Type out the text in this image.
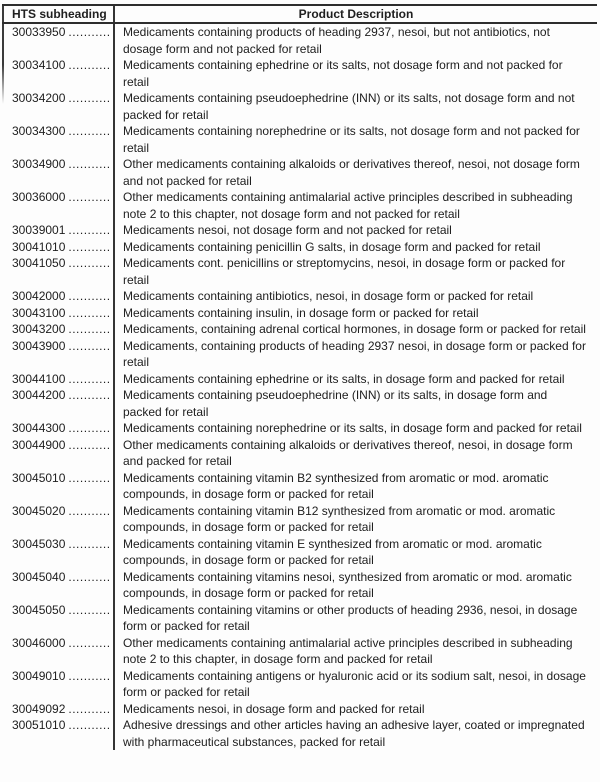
HTS subheading	Product Description
30033950 ...........	Medicaments containing products of heading 2937, nesoi, but not antibiotics, not dosage form and not packed for retail
30034100 ...........	Medicaments containing ephedrine or its salts, not dosage form and not packed for retail
30034200 ...........	Medicaments containing pseudoephedrine (INN) or its salts, not dosage form and not packed for retail
30034300 ...........	Medicaments containing norephedrine or its salts, not dosage form and not packed for retail
30034900 ...........	Other medicaments containing alkaloids or derivatives thereof, nesoi, not dosage form and not packed for retail
30036000 ...........	Other medicaments containing antimalarial active principles described in subheading note 2 to this chapter, not dosage form and not packed for retail
30039001 ...........	Medicaments nesoi, not dosage form and not packed for retail
30041010 ...........	Medicaments containing penicillin G salts, in dosage form and packed for retail
30041050 ...........	Medicaments cont. penicillins or streptomycins, nesoi, in dosage form or packed for retail
30042000 ...........	Medicaments containing antibiotics, nesoi, in dosage form or packed for retail
30043100 ...........	Medicaments containing insulin, in dosage form or packed for retail
30043200 ...........	Medicaments, containing adrenal cortical hormones, in dosage form or packed for retail
30043900 ...........	Medicaments, containing products of heading 2937 nesoi, in dosage form or packed for retail
30044100 ...........	Medicaments containing ephedrine or its salts, in dosage form and packed for retail
30044200 ...........	Medicaments containing pseudoephedrine (INN) or its salts, in dosage form and packed for retail
30044300 ...........	Medicaments containing norephedrine or its salts, in dosage form and packed for retail
30044900 ...........	Other medicaments containing alkaloids or derivatives thereof, nesoi, in dosage form and packed for retail
30045010 ...........	Medicaments containing vitamin B2 synthesized from aromatic or mod. aromatic compounds, in dosage form or packed for retail
30045020 ...........	Medicaments containing vitamin B12 synthesized from aromatic or mod. aromatic compounds, in dosage form or packed for retail
30045030 ...........	Medicaments containing vitamin E synthesized from aromatic or mod. aromatic compounds, in dosage form or packed for retail
30045040 ...........	Medicaments containing vitamins nesoi, synthesized from aromatic or mod. aromatic compounds, in dosage form or packed for retail
30045050 ...........	Medicaments containing vitamins or other products of heading 2936, nesoi, in dosage form or packed for retail
30046000 ...........	Other medicaments containing antimalarial active principles described in subheading note 2 to this chapter, in dosage form and packed for retail
30049010 ...........	Medicaments containing antigens or hyaluronic acid or its sodium salt, nesoi, in dosage form or packed for retail
30049092 ...........	Medicaments nesoi, in dosage form and packed for retail
30051010 ...........	Adhesive dressings and other articles having an adhesive layer, coated or impregnated with pharmaceutical substances, packed for retail
